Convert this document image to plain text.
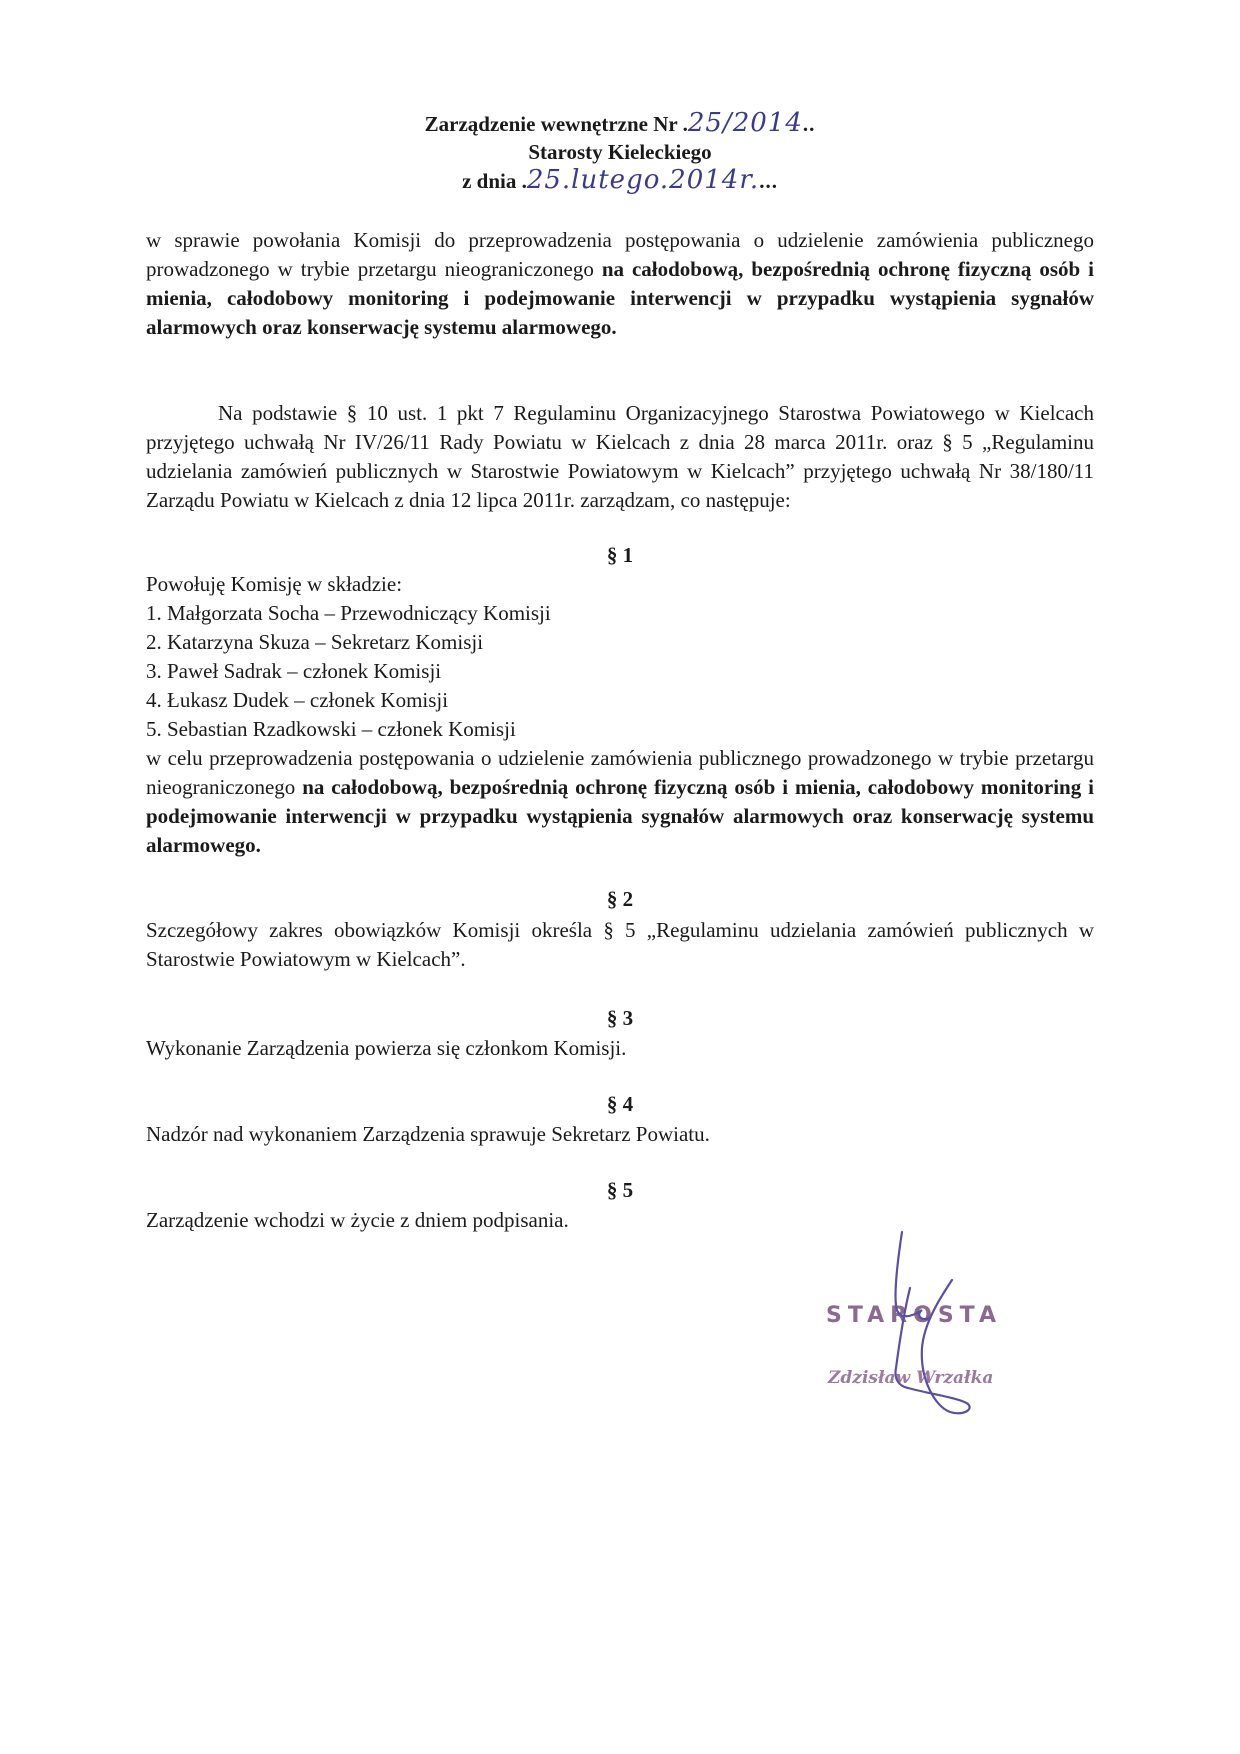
Zarządzenie wewnętrzne Nr .25/2014..
Starosty Kieleckiego
z dnia .25.lutego.2014r....
w sprawie powołania Komisji do przeprowadzenia postępowania o udzielenie zamówienia publicznego prowadzonego w trybie przetargu nieograniczonego na całodobową, bezpośrednią ochronę fizyczną osób i mienia, całodobowy monitoring i podejmowanie interwencji w przypadku wystąpienia sygnałów alarmowych oraz konserwację systemu alarmowego.
Na podstawie § 10 ust. 1 pkt 7 Regulaminu Organizacyjnego Starostwa Powiatowego w Kielcach przyjętego uchwałą Nr IV/26/11 Rady Powiatu w Kielcach z dnia 28 marca 2011r. oraz § 5 „Regulaminu udzielania zamówień publicznych w Starostwie Powiatowym w Kielcach” przyjętego uchwałą Nr 38/180/11 Zarządu Powiatu w Kielcach z dnia 12 lipca 2011r. zarządzam, co następuje:
§ 1
Powołuję Komisję w składzie:
1. Małgorzata Socha – Przewodniczący Komisji
2. Katarzyna Skuza – Sekretarz Komisji
3. Paweł Sadrak – członek Komisji
4. Łukasz Dudek – członek Komisji
5. Sebastian Rzadkowski – członek Komisji
w celu przeprowadzenia postępowania o udzielenie zamówienia publicznego prowadzonego w trybie przetargu nieograniczonego na całodobową, bezpośrednią ochronę fizyczną osób i mienia, całodobowy monitoring i podejmowanie interwencji w przypadku wystąpienia sygnałów alarmowych oraz konserwację systemu alarmowego.
§ 2
Szczegółowy zakres obowiązków Komisji określa § 5 „Regulaminu udzielania zamówień publicznych w Starostwie Powiatowym w Kielcach”.
§ 3
Wykonanie Zarządzenia powierza się członkom Komisji.
§ 4
Nadzór nad wykonaniem Zarządzenia sprawuje Sekretarz Powiatu.
§ 5
Zarządzenie wchodzi w życie z dniem podpisania.
STAROSTA
Zdzisław Wrzałka
